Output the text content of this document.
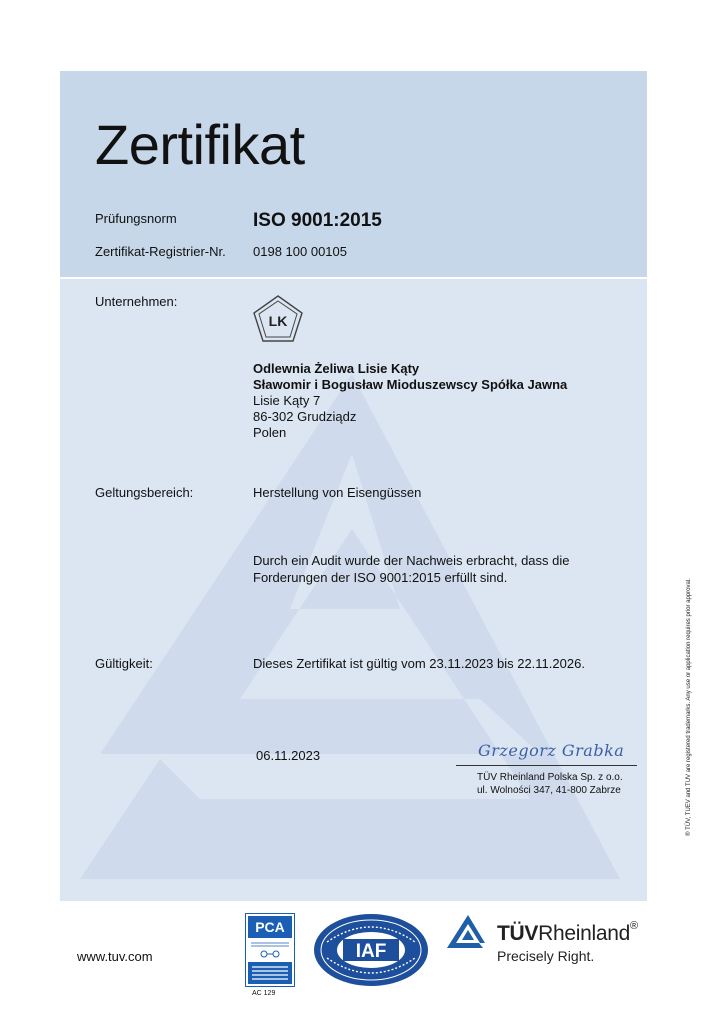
Zertifikat
Prüfungsnorm	ISO 9001:2015
Zertifikat-Registrier-Nr. 0198 100 00105
Unternehmen:
LK
Odlewnia Żeliwa Lisie Kąty
Sławomir i Bogusław Mioduszewscy Spółka Jawna
Lisie Kąty 7
86-302 Grudziądz
Polen
Geltungsbereich:	Herstellung von Eisengüssen
Durch ein Audit wurde der Nachweis erbracht, dass die
Forderungen der ISO 9001:2015 erfüllt sind.
Gültigkeit:	Dieses Zertifikat ist gültig vom 23.11.2023 bis 22.11.2026.
06.11.2023	Grzegorz Grabka
TÜV Rheinland Polska Sp. z o.o.
ul. Wolności 347, 41-800 Zabrze	® TÜV, TUEV and TUV are registered trademarks. Any use or application requires prior approval.
www.tuv.com
PCA
AC 129
IAF
TÜVRheinland®
Precisely Right.
